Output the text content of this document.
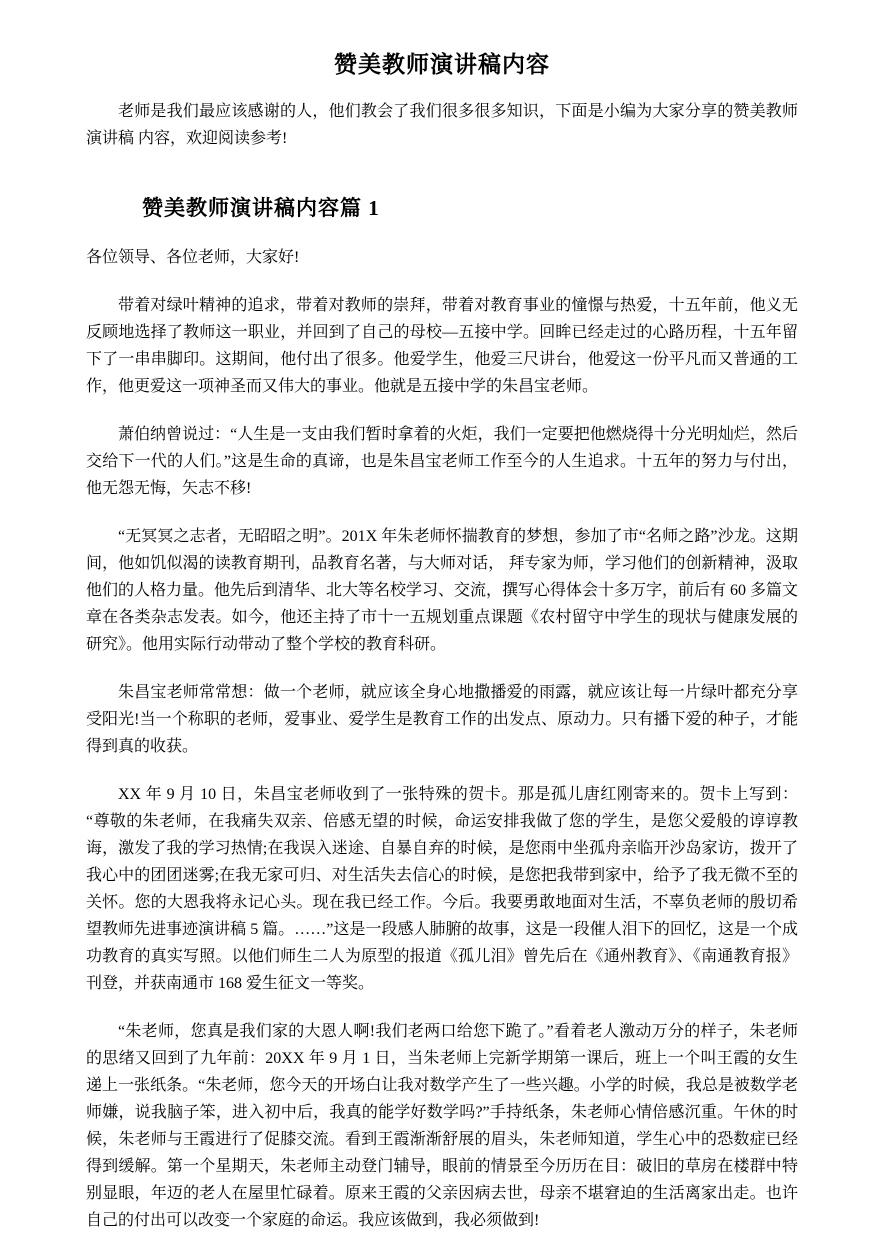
赞美教师演讲稿内容

老师是我们最应该感谢的人，他们教会了我们很多很多知识，下面是小编为大家分享的赞美教师 演讲稿 内容，欢迎阅读参考!

赞美教师演讲稿内容篇 1

各位领导、各位老师，大家好!

带着对绿叶精神的追求，带着对教师的崇拜，带着对教育事业的憧憬与热爱，十五年前，他义无反顾地选择了教师这一职业，并回到了自己的母校—五接中学。回眸已经走过的心路历程，十五年留下了一串串脚印。这期间，他付出了很多。他爱学生，他爱三尺讲台，他爱这一份平凡而又普通的工作，他更爱这一项神圣而又伟大的事业。他就是五接中学的朱昌宝老师。

萧伯纳曾说过：“人生是一支由我们暂时拿着的火炬，我们一定要把他燃烧得十分光明灿烂，然后交给下一代的人们。”这是生命的真谛，也是朱昌宝老师工作至今的人生追求。十五年的努力与付出，他无怨无悔，矢志不移!

“无冥冥之志者，无昭昭之明”。201X 年朱老师怀揣教育的梦想，参加了市“名师之路”沙龙。这期间，他如饥似渴的读教育期刊，品教育名著，与大师对话， 拜专家为师，学习他们的创新精神，汲取他们的人格力量。他先后到清华、北大等名校学习、交流，撰写心得体会十多万字，前后有 60 多篇文章在各类杂志发表。如今，他还主持了市十一五规划重点课题《农村留守中学生的现状与健康发展的研究》。他用实际行动带动了整个学校的教育科研。

朱昌宝老师常常想：做一个老师，就应该全身心地撒播爱的雨露，就应该让每一片绿叶都充分享受阳光!当一个称职的老师，爱事业、爱学生是教育工作的出发点、原动力。只有播下爱的种子，才能得到真的收获。

XX 年 9 月 10 日，朱昌宝老师收到了一张特殊的贺卡。那是孤儿唐红刚寄来的。贺卡上写到：“尊敬的朱老师，在我痛失双亲、倍感无望的时候，命运安排我做了您的学生，是您父爱般的谆谆教诲，激发了我的学习热情;在我误入迷途、自暴自弃的时候，是您雨中坐孤舟亲临开沙岛家访，拨开了我心中的团团迷雾;在我无家可归、对生活失去信心的时候，是您把我带到家中，给予了我无微不至的关怀。您的大恩我将永记心头。现在我已经工作。今后。我要勇敢地面对生活，不辜负老师的殷切希望教师先进事迹演讲稿 5 篇。……”这是一段感人肺腑的故事，这是一段催人泪下的回忆，这是一个成功教育的真实写照。以他们师生二人为原型的报道《孤儿泪》曾先后在《通州教育》、《南通教育报》刊登，并获南通市 168 爱生征文一等奖。

“朱老师，您真是我们家的大恩人啊!我们老两口给您下跪了。”看着老人激动万分的样子，朱老师的思绪又回到了九年前：20XX 年 9 月 1 日，当朱老师上完新学期第一课后，班上一个叫王霞的女生递上一张纸条。“朱老师，您今天的开场白让我对数学产生了一些兴趣。小学的时候，我总是被数学老师嫌，说我脑子笨，进入初中后，我真的能学好数学吗?”手持纸条，朱老师心情倍感沉重。午休的时候，朱老师与王霞进行了促膝交流。看到王霞渐渐舒展的眉头，朱老师知道，学生心中的恐数症已经得到缓解。第一个星期天，朱老师主动登门辅导，眼前的情景至今历历在目：破旧的草房在楼群中特别显眼，年迈的老人在屋里忙碌着。原来王霞的父亲因病去世，母亲不堪窘迫的生活离家出走。也许自己的付出可以改变一个家庭的命运。我应该做到，我必须做到!
